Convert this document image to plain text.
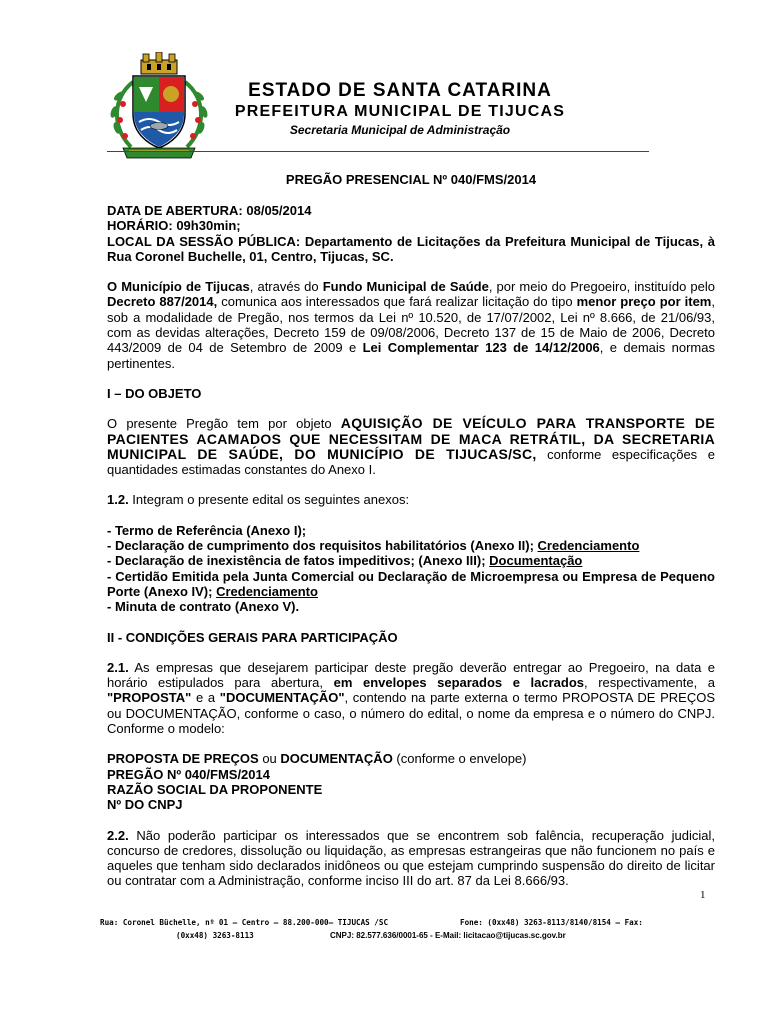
ESTADO DE SANTA CATARINA
PREFEITURA MUNICIPAL DE TIJUCAS
Secretaria Municipal de Administração
PREGÃO PRESENCIAL Nº 040/FMS/2014

DATA DE ABERTURA: 08/05/2014

HORÁRIO: 09h30min;

LOCAL DA SESSÃO PÚBLICA: Departamento de Licitações da Prefeitura Municipal de Tijucas, à Rua Coronel Buchelle, 01, Centro, Tijucas, SC.

O Município de Tijucas, através do Fundo Municipal de Saúde, por meio do Pregoeiro, instituído pelo Decreto 887/2014, comunica aos interessados que fará realizar licitação do tipo menor preço por item, sob a modalidade de Pregão, nos termos da Lei nº 10.520, de 17/07/2002, Lei nº 8.666, de 21/06/93, com as devidas alterações, Decreto 159 de 09/08/2006, Decreto 137 de 15 de Maio de 2006, Decreto 443/2009 de 04 de Setembro de 2009 e Lei Complementar 123 de 14/12/2006, e demais normas pertinentes.

I – DO OBJETO

O presente Pregão tem por objeto AQUISIÇÃO DE VEÍCULO PARA TRANSPORTE DE PACIENTES ACAMADOS QUE NECESSITAM DE MACA RETRÁTIL, DA SECRETARIA MUNICIPAL DE SAÚDE, DO MUNICÍPIO DE TIJUCAS/SC, conforme especificações e quantidades estimadas constantes do Anexo I.

1.2. Integram o presente edital os seguintes anexos:

- Termo de Referência (Anexo I);

- Declaração de cumprimento dos requisitos habilitatórios (Anexo II); Credenciamento

- Declaração de inexistência de fatos impeditivos; (Anexo III); Documentação

- Certidão Emitida pela Junta Comercial ou Declaração de Microempresa ou Empresa de Pequeno Porte (Anexo IV); Credenciamento

- Minuta de contrato (Anexo V).

II - CONDIÇÕES GERAIS PARA PARTICIPAÇÃO

2.1. As empresas que desejarem participar deste pregão deverão entregar ao Pregoeiro, na data e horário estipulados para abertura, em envelopes separados e lacrados, respectivamente, a "PROPOSTA" e a "DOCUMENTAÇÃO", contendo na parte externa o termo PROPOSTA DE PREÇOS ou DOCUMENTAÇÃO, conforme o caso, o número do edital, o nome da empresa e o número do CNPJ. Conforme o modelo:

PROPOSTA DE PREÇOS ou DOCUMENTAÇÃO (conforme o envelope)

PREGÃO Nº 040/FMS/2014

RAZÃO SOCIAL DA PROPONENTE

Nº DO CNPJ

2.2. Não poderão participar os interessados que se encontrem sob falência, recuperação judicial, concurso de credores, dissolução ou liquidação, as empresas estrangeiras que não funcionem no país e aqueles que tenham sido declarados inidôneos ou que estejam cumprindo suspensão do direito de licitar ou contratar com a Administração, conforme inciso III do art. 87 da Lei 8.666/93.

1
Rua: Coronel Büchelle, nº 01 – Centro – 88.200-000– TIJUCAS /SC	Fone: (0xx48) 3263-8113/8140/8154 – Fax:
(0xx48) 3263-8113	CNPJ: 82.577.636/0001-65 - E-Mail: licitacao@tijucas.sc.gov.br
